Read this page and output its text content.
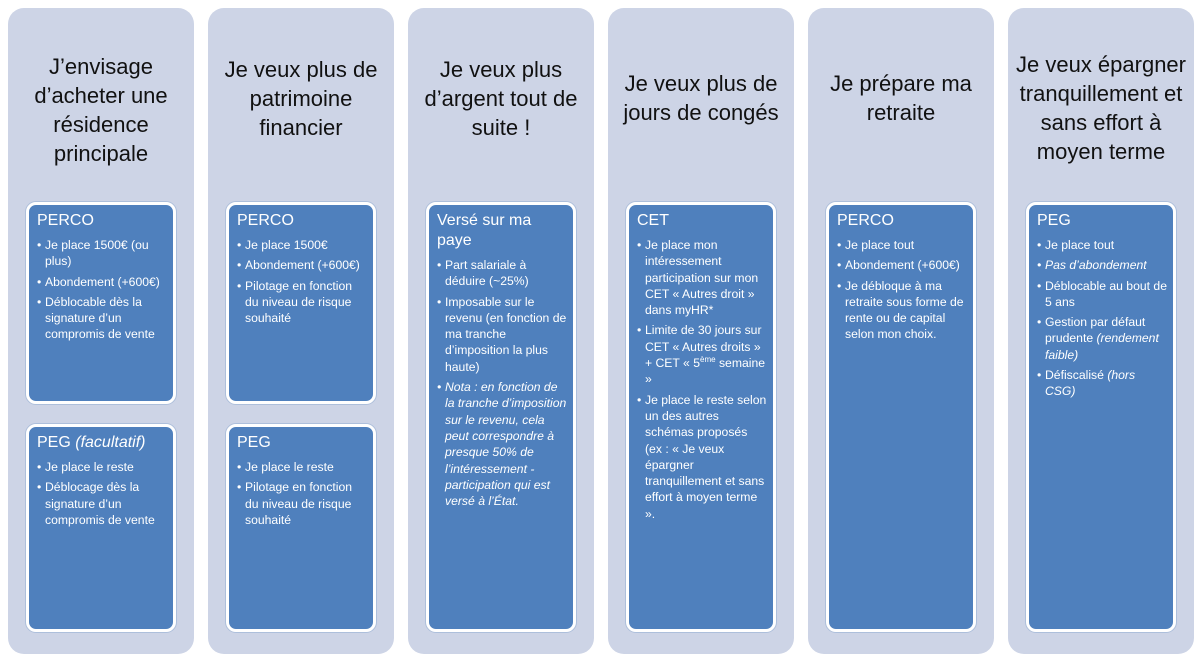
J’envisage d’acheter une résidence principale
PERCO
• Je place 1500€ (ou plus)
• Abondement (+600€)
• Déblocable dès la signature d’un compromis de vente
PEG (facultatif)
• Je place le reste
• Déblocage dès la signature d’un compromis de vente
Je veux plus de patrimoine financier
PERCO
• Je place 1500€
• Abondement (+600€)
• Pilotage en fonction du niveau de risque souhaité
PEG
• Je place le reste
• Pilotage en fonction du niveau de risque souhaité
Je veux plus d’argent tout de suite !
Versé sur ma paye
• Part salariale à déduire (~25%)
• Imposable sur le revenu (en fonction de ma tranche d’imposition la plus haute)
• Nota : en fonction de la tranche d’imposition sur le revenu, cela peut correspondre à presque 50% de l’intéressement - participation qui est versé à l’État.
Je veux plus de jours de congés
CET
• Je place mon intéressement participation sur mon CET « Autres droit » dans myHR*
• Limite de 30 jours sur CET « Autres droits » + CET « 5ème semaine »
• Je place le reste selon un des autres schémas proposés (ex : « Je veux épargner tranquillement et sans effort à moyen terme ».
Je prépare ma retraite
PERCO
• Je place tout
• Abondement (+600€)
• Je débloque à ma retraite sous forme de rente ou de capital selon mon choix.
Je veux épargner tranquillement et sans effort à moyen terme
PEG
• Je place tout
• Pas d’abondement
• Déblocable au bout de 5 ans
• Gestion par défaut prudente (rendement faible)
• Défiscalisé (hors CSG)
